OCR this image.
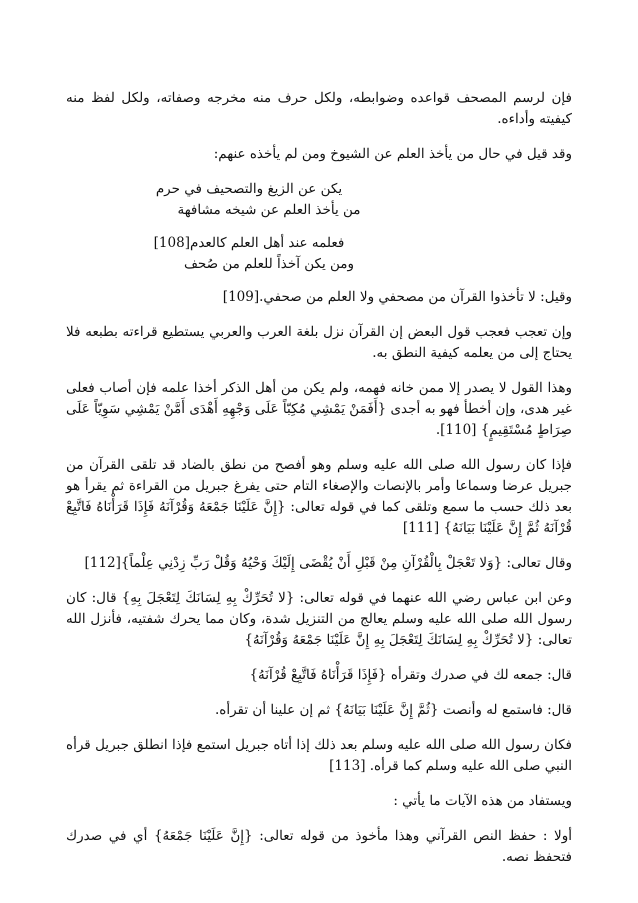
فإن لرسم المصحف قواعده وضوابطه، ولكل حرف منه مخرجه وصفاته، ولكل لفظ منه كيفيته وأداءه.

وقد قيل في حال من يأخذ العلم عن الشيوخ ومن لم يأخذه عنهم:

يكن عن الزيغ والتصحيف في حرم
من يأخذ العلم عن شيخه مشافهة
فعلمه عند أهل العلم كالعدم[108]
ومن يكن آخذاً للعلم من صُحف

وقيل: لا تأخذوا القرآن من مصحفي ولا العلم من صحفي.[109]

وإن تعجب فعجب قول البعض إن القرآن نزل بلغة العرب والعربي يستطيع قراءته بطبعه فلا يحتاج إلى من يعلمه كيفية النطق به.

وهذا القول لا يصدر إلا ممن خانه فهمه، ولم يكن من أهل الذكر أخذا علمه فإن أصاب فعلى غير هدى، وإن أخطأ فهو به أجدى {أَفَمَنْ يَمْشِي مُكِبّاً عَلَى وَجْهِهِ أَهْدَى أَمَّنْ يَمْشِي سَوِيّاً عَلَى صِرَاطٍ مُسْتَقِيمٍ} [110].

فإذا كان رسول الله صلى الله عليه وسلم وهو أفصح من نطق بالضاد قد تلقى القرآن من جبريل عرضا وسماعا وأمر بالإنصات والإصغاء التام حتى يفرغ جبريل من القراءة ثم يقرأ هو بعد ذلك حسب ما سمع وتلقى كما في قوله تعالى: {إِنَّ عَلَيْنَا جَمْعَهُ وَقُرْآنَهُ فَإِذَا قَرَأْنَاهُ فَاتَّبِعْ قُرْآنَهُ ثُمَّ إِنَّ عَلَيْنَا بَيَانَهُ} [111]

وقال تعالى: {وَلا تَعْجَلْ بِالْقُرْآنِ مِنْ قَبْلِ أَنْ يُقْضَى إِلَيْكَ وَحْيُهُ وَقُلْ رَبِّ زِدْنِي عِلْماً}[112]

وعن ابن عباس رضي الله عنهما في قوله تعالى: {لا تُحَرِّكْ بِهِ لِسَانَكَ لِتَعْجَلَ بِهِ} قال: كان رسول الله صلى الله عليه وسلم يعالج من التنزيل شدة، وكان مما يحرك شفتيه، فأنزل الله تعالى: {لا تُحَرِّكْ بِهِ لِسَانَكَ لِتَعْجَلَ بِهِ إِنَّ عَلَيْنَا جَمْعَهُ وَقُرْآنَهُ}

قال: جمعه لك في صدرك وتقرأه {فَإِذَا قَرَأْنَاهُ فَاتَّبِعْ قُرْآنَهُ}

قال: فاستمع له وأنصت {ثُمَّ إِنَّ عَلَيْنَا بَيَانَهُ} ثم إن علينا أن تقرأه.

فكان رسول الله صلى الله عليه وسلم بعد ذلك إذا أتاه جبريل استمع فإذا انطلق جبريل قرأه النبي صلى الله عليه وسلم كما قرأه. [113]

ويستفاد من هذه الآيات ما يأتي :

أولا : حفظ النص القرآني وهذا مأخوذ من قوله تعالى: {إِنَّ عَلَيْنَا جَمْعَهُ} أي في صدرك فتحفظ نصه.
